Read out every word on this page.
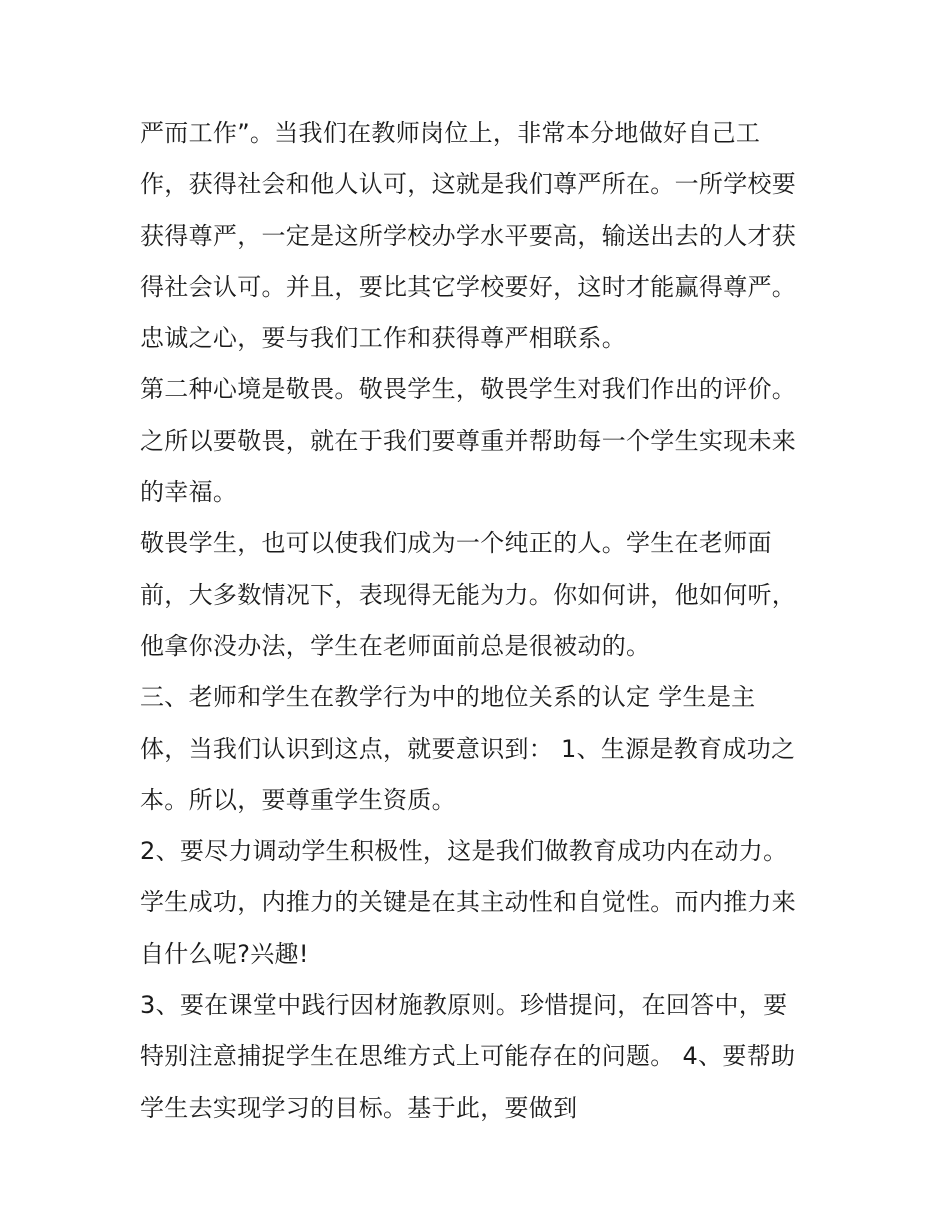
严而工作”。当我们在教师岗位上，非常本分地做好自己工
作，获得社会和他人认可，这就是我们尊严所在。一所学校要
获得尊严，一定是这所学校办学水平要高，输送出去的人才获
得社会认可。并且，要比其它学校要好，这时才能赢得尊严。
忠诚之心，要与我们工作和获得尊严相联系。
第二种心境是敬畏。敬畏学生，敬畏学生对我们作出的评价。
之所以要敬畏，就在于我们要尊重并帮助每一个学生实现未来
的幸福。
敬畏学生，也可以使我们成为一个纯正的人。学生在老师面
前，大多数情况下，表现得无能为力。你如何讲，他如何听，
他拿你没办法，学生在老师面前总是很被动的。
三、老师和学生在教学行为中的地位关系的认定 学生是主
体，当我们认识到这点，就要意识到： 1、生源是教育成功之
本。所以，要尊重学生资质。
2、要尽力调动学生积极性，这是我们做教育成功内在动力。
学生成功，内推力的关键是在其主动性和自觉性。而内推力来
自什么呢?兴趣!
3、要在课堂中践行因材施教原则。珍惜提问，在回答中，要
特别注意捕捉学生在思维方式上可能存在的问题。 4、要帮助
学生去实现学习的目标。基于此，要做到
